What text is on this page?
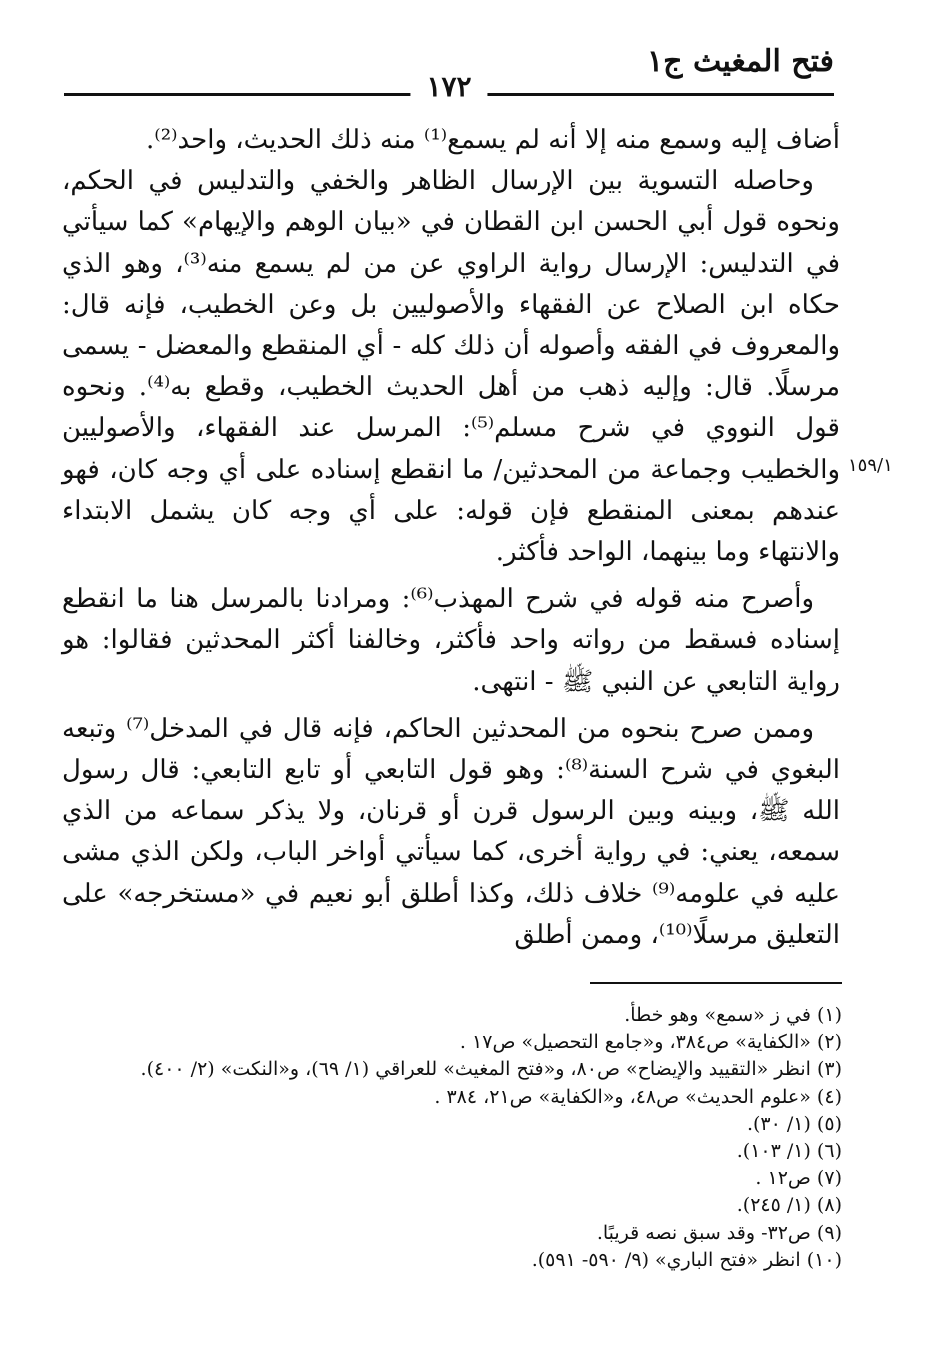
فتح المغيث ج١
١٧٢

أضاف إليه وسمع منه إلا أنه لم يسمع⁽¹⁾ منه ذلك الحديث، واحد⁽²⁾.

وحاصله التسوية بين الإرسال الظاهر والخفي والتدليس في الحكم، ونحوه قول أبي الحسن ابن القطان في «بيان الوهم والإيهام» كما سيأتي في التدليس: الإرسال رواية الراوي عن من لم يسمع منه⁽³⁾، وهو الذي حكاه ابن الصلاح عن الفقهاء والأصوليين بل وعن الخطيب، فإنه قال: والمعروف في الفقه وأصوله أن ذلك كله - أي المنقطع والمعضل - يسمى مرسلًا. قال: وإليه ذهب من أهل الحديث الخطيب، وقطع به⁽⁴⁾. ونحوه قول النووي في شرح مسلم⁽⁵⁾: المرسل عند الفقهاء، والأصوليين والخطيب وجماعة من المحدثين/ ما انقطع إسناده على أي وجه كان، فهو عندهم بمعنى المنقطع فإن قوله: على أي وجه كان يشمل الابتداء والانتهاء وما بينهما، الواحد فأكثر.

وأصرح منه قوله في شرح المهذب⁽⁶⁾: ومرادنا بالمرسل هنا ما انقطع إسناده فسقط من رواته واحد فأكثر، وخالفنا أكثر المحدثين فقالوا: هو رواية التابعي عن النبي ﷺ - انتهى.

وممن صرح بنحوه من المحدثين الحاكم، فإنه قال في المدخل⁽⁷⁾ وتبعه البغوي في شرح السنة⁽⁸⁾: وهو قول التابعي أو تابع التابعي: قال رسول الله ﷺ، وبينه وبين الرسول قرن أو قرنان، ولا يذكر سماعه من الذي سمعه، يعني: في رواية أخرى، كما سيأتي أواخر الباب، ولكن الذي مشى عليه في علومه⁽⁹⁾ خلاف ذلك، وكذا أطلق أبو نعيم في «مستخرجه» على التعليق مرسلًا⁽¹⁰⁾، وممن أطلق

١٥٩/١
(١) في ز «سمع» وهو خطأ.
(٢) «الكفاية» ص٣٨٤، و«جامع التحصيل» ص١٧ .
(٣) انظر «التقييد والإيضاح» ص٨٠، و«فتح المغيث» للعراقي (١/ ٦٩)، و«النكت» (٢/ ٤٠٠).
(٤) «علوم الحديث» ص٤٨، و«الكفاية» ص٢١، ٣٨٤ .
(٥) (١/ ٣٠).
(٦) (١/ ١٠٣).
(٧) ص١٢ .
(٨) (١/ ٢٤٥).
(٩) ص٣٢- وقد سبق نصه قريبًا.
(١٠) انظر «فتح الباري» (٩/ ٥٩٠- ٥٩١).
